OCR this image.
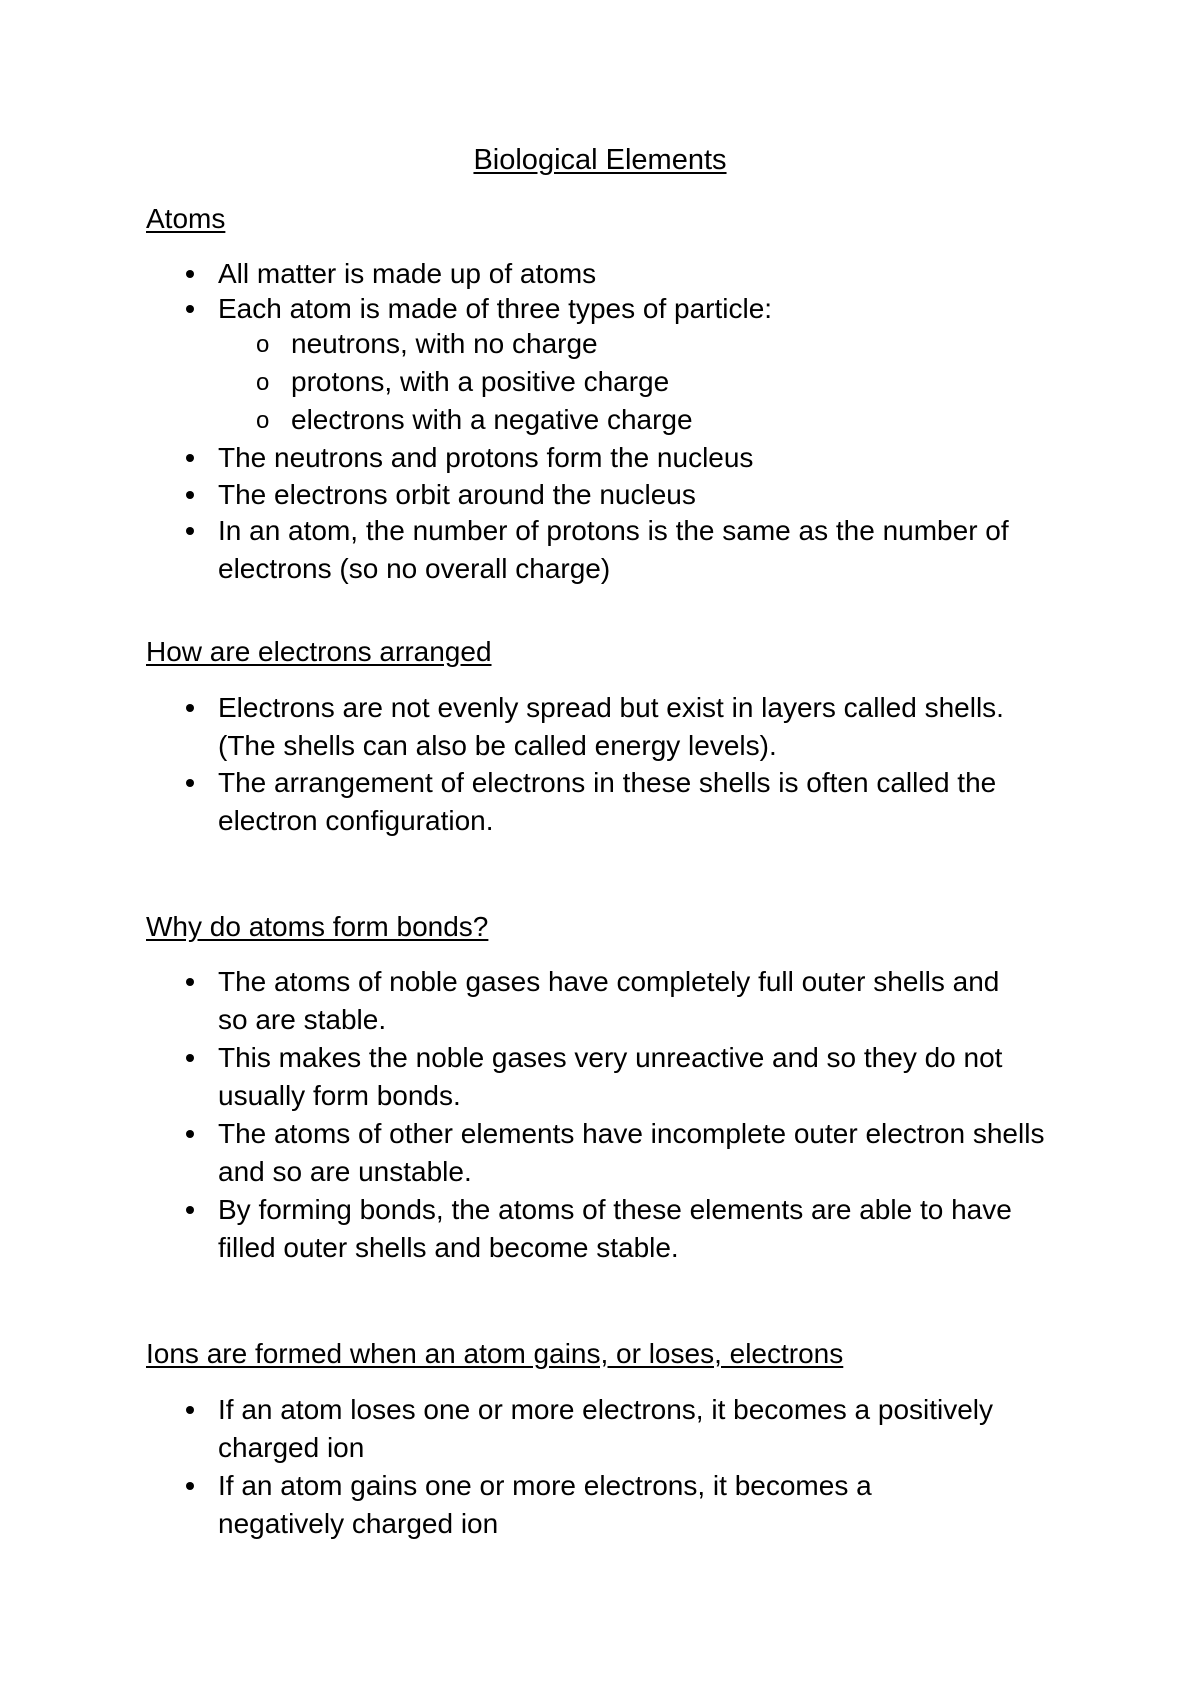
Biological Elements
Atoms
All matter is made up of atoms
Each atom is made of three types of particle:
o neutrons, with no charge
o protons, with a positive charge
o electrons with a negative charge
The neutrons and protons form the nucleus
The electrons orbit around the nucleus
In an atom, the number of protons is the same as the number of electrons (so no overall charge)
How are electrons arranged
Electrons are not evenly spread but exist in layers called shells. (The shells can also be called energy levels).
The arrangement of electrons in these shells is often called the electron configuration.
Why do atoms form bonds?
The atoms of noble gases have completely full outer shells and so are stable.
This makes the noble gases very unreactive and so they do not usually form bonds.
The atoms of other elements have incomplete outer electron shells and so are unstable.
By forming bonds, the atoms of these elements are able to have filled outer shells and become stable.
Ions are formed when an atom gains, or loses, electrons
If an atom loses one or more electrons, it becomes a positively charged ion
If an atom gains one or more electrons, it becomes a negatively charged ion
